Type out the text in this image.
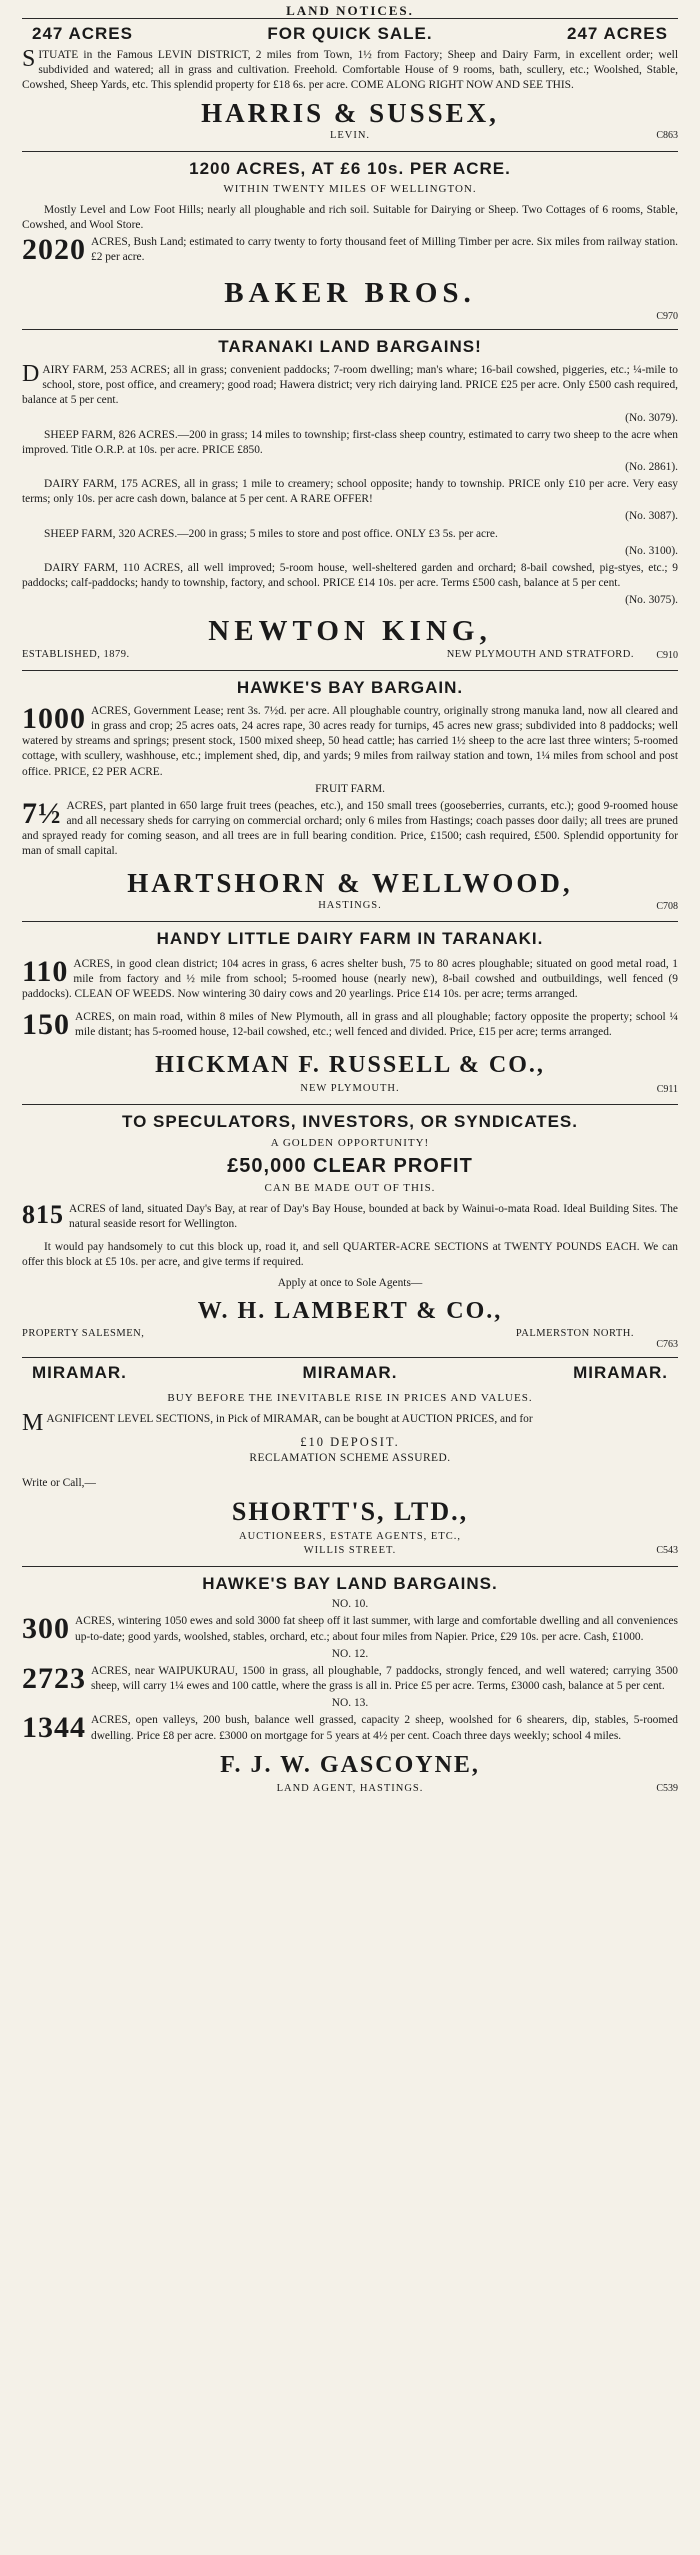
LAND NOTICES.
247 ACRES	FOR QUICK SALE.	247 ACRES

SITUATE in the Famous LEVIN DISTRICT, 2 miles from Town, 1½ from Factory; Sheep and Dairy Farm, in excellent order; well subdivided and watered; all in grass and cultivation. Freehold. Comfortable House of 9 rooms, bath, scullery, etc.; Woolshed, Stable, Cowshed, Sheep Yards, etc. This splendid property for £18 6s. per acre. COME ALONG RIGHT NOW AND SEE THIS.

HARRIS & SUSSEX,
LEVIN.	C863
1200 ACRES, AT £6 10s. PER ACRE.
WITHIN TWENTY MILES OF WELLINGTON.

Mostly Level and Low Foot Hills; nearly all ploughable and rich soil. Suitable for Dairying or Sheep. Two Cottages of 6 rooms, Stable, Cowshed, and Wool Store.

2020 ACRES, Bush Land; estimated to carry twenty to forty thousand feet of Milling Timber per acre. Six miles from railway station. £2 per acre.

BAKER BROS.
C970
TARANAKI LAND BARGAINS!

DAIRY FARM, 253 ACRES; all in grass; convenient paddocks; 7-room dwelling; man's whare; 16-bail cowshed, piggeries, etc.; ¼-mile to school, store, post office, and creamery; good road; Hawera district; very rich dairying land. PRICE £25 per acre. Only £500 cash required, balance at 5 per cent.

(No. 3079).

SHEEP FARM, 826 ACRES.—200 in grass; 14 miles to township; first-class sheep country, estimated to carry two sheep to the acre when improved. Title O.R.P. at 10s. per acre. PRICE £850.

(No. 2861).

DAIRY FARM, 175 ACRES, all in grass; 1 mile to creamery; school opposite; handy to township. PRICE only £10 per acre. Very easy terms; only 10s. per acre cash down, balance at 5 per cent. A RARE OFFER!

(No. 3087).

SHEEP FARM, 320 ACRES.—200 in grass; 5 miles to store and post office. ONLY £3 5s. per acre.

(No. 3100).

DAIRY FARM, 110 ACRES, all well improved; 5-room house, well-sheltered garden and orchard; 8-bail cowshed, pig-styes, etc.; 9 paddocks; calf-paddocks; handy to township, factory, and school. PRICE £14 10s. per acre. Terms £500 cash, balance at 5 per cent.

(No. 3075).
NEWTON KING,
ESTABLISHED, 1879.	NEW PLYMOUTH AND STRATFORD. C910
HAWKE'S BAY BARGAIN.

1000 ACRES, Government Lease; rent 3s. 7½d. per acre. All ploughable country, originally strong manuka land, now all cleared and in grass and crop; 25 acres oats, 24 acres rape, 30 acres ready for turnips, 45 acres new grass; subdivided into 8 paddocks; well watered by streams and springs; present stock, 1500 mixed sheep, 50 head cattle; has carried 1½ sheep to the acre last three winters; 5-roomed cottage, with scullery, washhouse, etc.; implement shed, dip, and yards; 9 miles from railway station and town, 1¼ miles from school and post office. PRICE, £2 PER ACRE.

FRUIT FARM.

7½ ACRES, part planted in 650 large fruit trees (peaches, etc.), and 150 small trees (gooseberries, currants, etc.); good 9-roomed house and all necessary sheds for carrying on commercial orchard; only 6 miles from Hastings; coach passes door daily; all trees are pruned and sprayed ready for coming season, and all trees are in full bearing condition. Price, £1500; cash required, £500. Splendid opportunity for man of small capital.

HARTSHORN & WELLWOOD,
HASTINGS.	C708
HANDY LITTLE DAIRY FARM IN TARANAKI.

110 ACRES, in good clean district; 104 acres in grass, 6 acres shelter bush, 75 to 80 acres ploughable; situated on good metal road, 1 mile from factory and ½ mile from school; 5-roomed house (nearly new), 8-bail cowshed and outbuildings, well fenced (9 paddocks). CLEAN OF WEEDS. Now wintering 30 dairy cows and 20 yearlings. Price £14 10s. per acre; terms arranged.

150 ACRES, on main road, within 8 miles of New Plymouth, all in grass and all ploughable; factory opposite the property; school ¼ mile distant; has 5-roomed house, 12-bail cowshed, etc.; well fenced and divided. Price, £15 per acre; terms arranged.

HICKMAN F. RUSSELL & CO.,
NEW PLYMOUTH.	C911
TO SPECULATORS, INVESTORS, OR SYNDICATES.
A GOLDEN OPPORTUNITY!
£50,000 CLEAR PROFIT
CAN BE MADE OUT OF THIS.

815 ACRES of land, situated Day's Bay, at rear of Day's Bay House, bounded at back by Wainui-o-mata Road. Ideal Building Sites. The natural seaside resort for Wellington.

It would pay handsomely to cut this block up, road it, and sell QUARTER-ACRE SECTIONS at TWENTY POUNDS EACH. We can offer this block at £5 10s. per acre, and give terms if required.

Apply at once to Sole Agents—
W. H. LAMBERT & CO.,
PROPERTY SALESMEN,	PALMERSTON NORTH.
C763
MIRAMAR.	MIRAMAR.	MIRAMAR.
BUY BEFORE THE INEVITABLE RISE IN PRICES AND VALUES.

MAGNIFICENT LEVEL SECTIONS, in Pick of MIRAMAR, can be bought at AUCTION PRICES, and for

£10 DEPOSIT.
RECLAMATION SCHEME ASSURED.
Write or Call,—
SHORTT'S, LTD.,
AUCTIONEERS, ESTATE AGENTS, ETC.,
WILLIS STREET.	C543
HAWKE'S BAY LAND BARGAINS.
NO. 10.

300 ACRES, wintering 1050 ewes and sold 3000 fat sheep off it last summer, with large and comfortable dwelling and all conveniences up-to-date; good yards, woolshed, stables, orchard, etc.; about four miles from Napier. Price, £29 10s. per acre. Cash, £1000.

NO. 12.

2723 ACRES, near WAIPUKURAU, 1500 in grass, all ploughable, 7 paddocks, strongly fenced, and well watered; carrying 3500 sheep, will carry 1¼ ewes and 100 cattle, where the grass is all in. Price £5 per acre. Terms, £3000 cash, balance at 5 per cent.

NO. 13.

1344 ACRES, open valleys, 200 bush, balance well grassed, capacity 2 sheep, woolshed for 6 shearers, dip, stables, 5-roomed dwelling. Price £8 per acre. £3000 on mortgage for 5 years at 4½ per cent. Coach three days weekly; school 4 miles.

F. J. W. GASCOYNE,
LAND AGENT, HASTINGS.	C539
